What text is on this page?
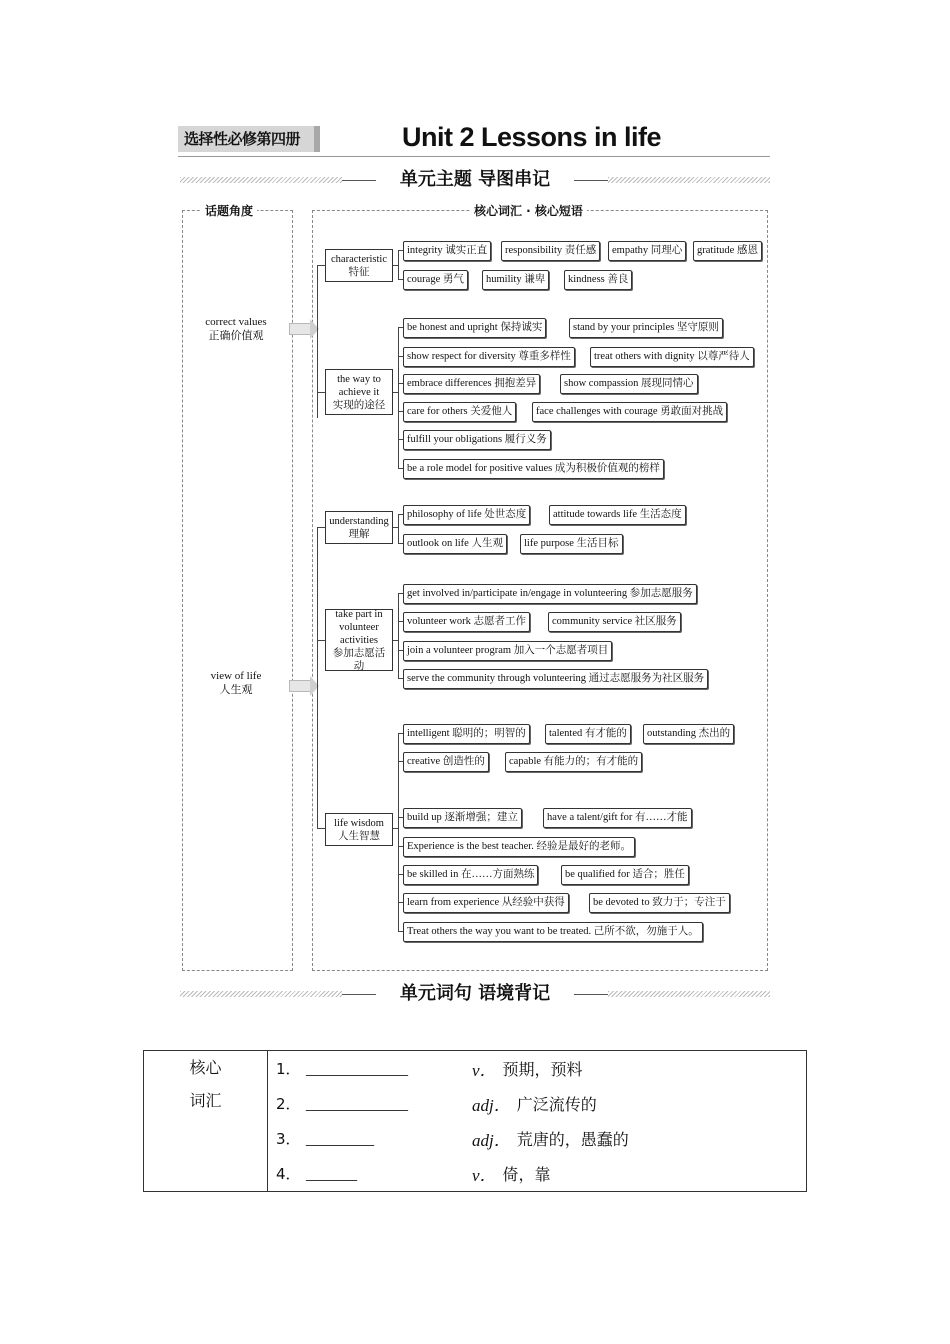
选择性必修第四册	Unit 2 Lessons in life
单元主题 导图串记
话题角度	核心词汇 · 核心短语
correct values
正确价值观
view of life
人生观
characteristic
特征
the way to
achieve it
实现的途径
understanding
理解
take part in
volunteer
activities
参加志愿活动
life wisdom
人生智慧
integrity 诚实正直	responsibility 责任感	empathy 同理心	gratitude 感恩
courage 勇气	humility 谦卑	kindness 善良
be honest and upright 保持诚实	stand by your principles 坚守原则
show respect for diversity 尊重多样性	treat others with dignity 以尊严待人
embrace differences 拥抱差异	show compassion 展现同情心
care for others 关爱他人	face challenges with courage 勇敢面对挑战
fulfill your obligations 履行义务
be a role model for positive values 成为积极价值观的榜样
philosophy of life 处世态度	attitude towards life 生活态度
outlook on life 人生观	life purpose 生活目标
get involved in/participate in/engage in volunteering 参加志愿服务
volunteer work 志愿者工作	community service 社区服务
join a volunteer program 加入一个志愿者项目
serve the community through volunteering 通过志愿服务为社区服务
intelligent 聪明的；明智的	talented 有才能的	outstanding 杰出的
creative 创造性的	capable 有能力的；有才能的
build up 逐渐增强；建立	have a talent/gift for 有……才能
Experience is the best teacher. 经验是最好的老师。
be skilled in 在……方面熟练	be qualified for 适合；胜任
learn from experience 从经验中获得	be devoted to 致力于；专注于
Treat others the way you want to be treated. 己所不欲，勿施于人。
单元词句 语境背记
核心
词汇

1． ____________	v． 预期，预料
2． ____________	adj． 广泛流传的
3． ________	adj． 荒唐的，愚蠢的
4． ______	v． 倚，靠
